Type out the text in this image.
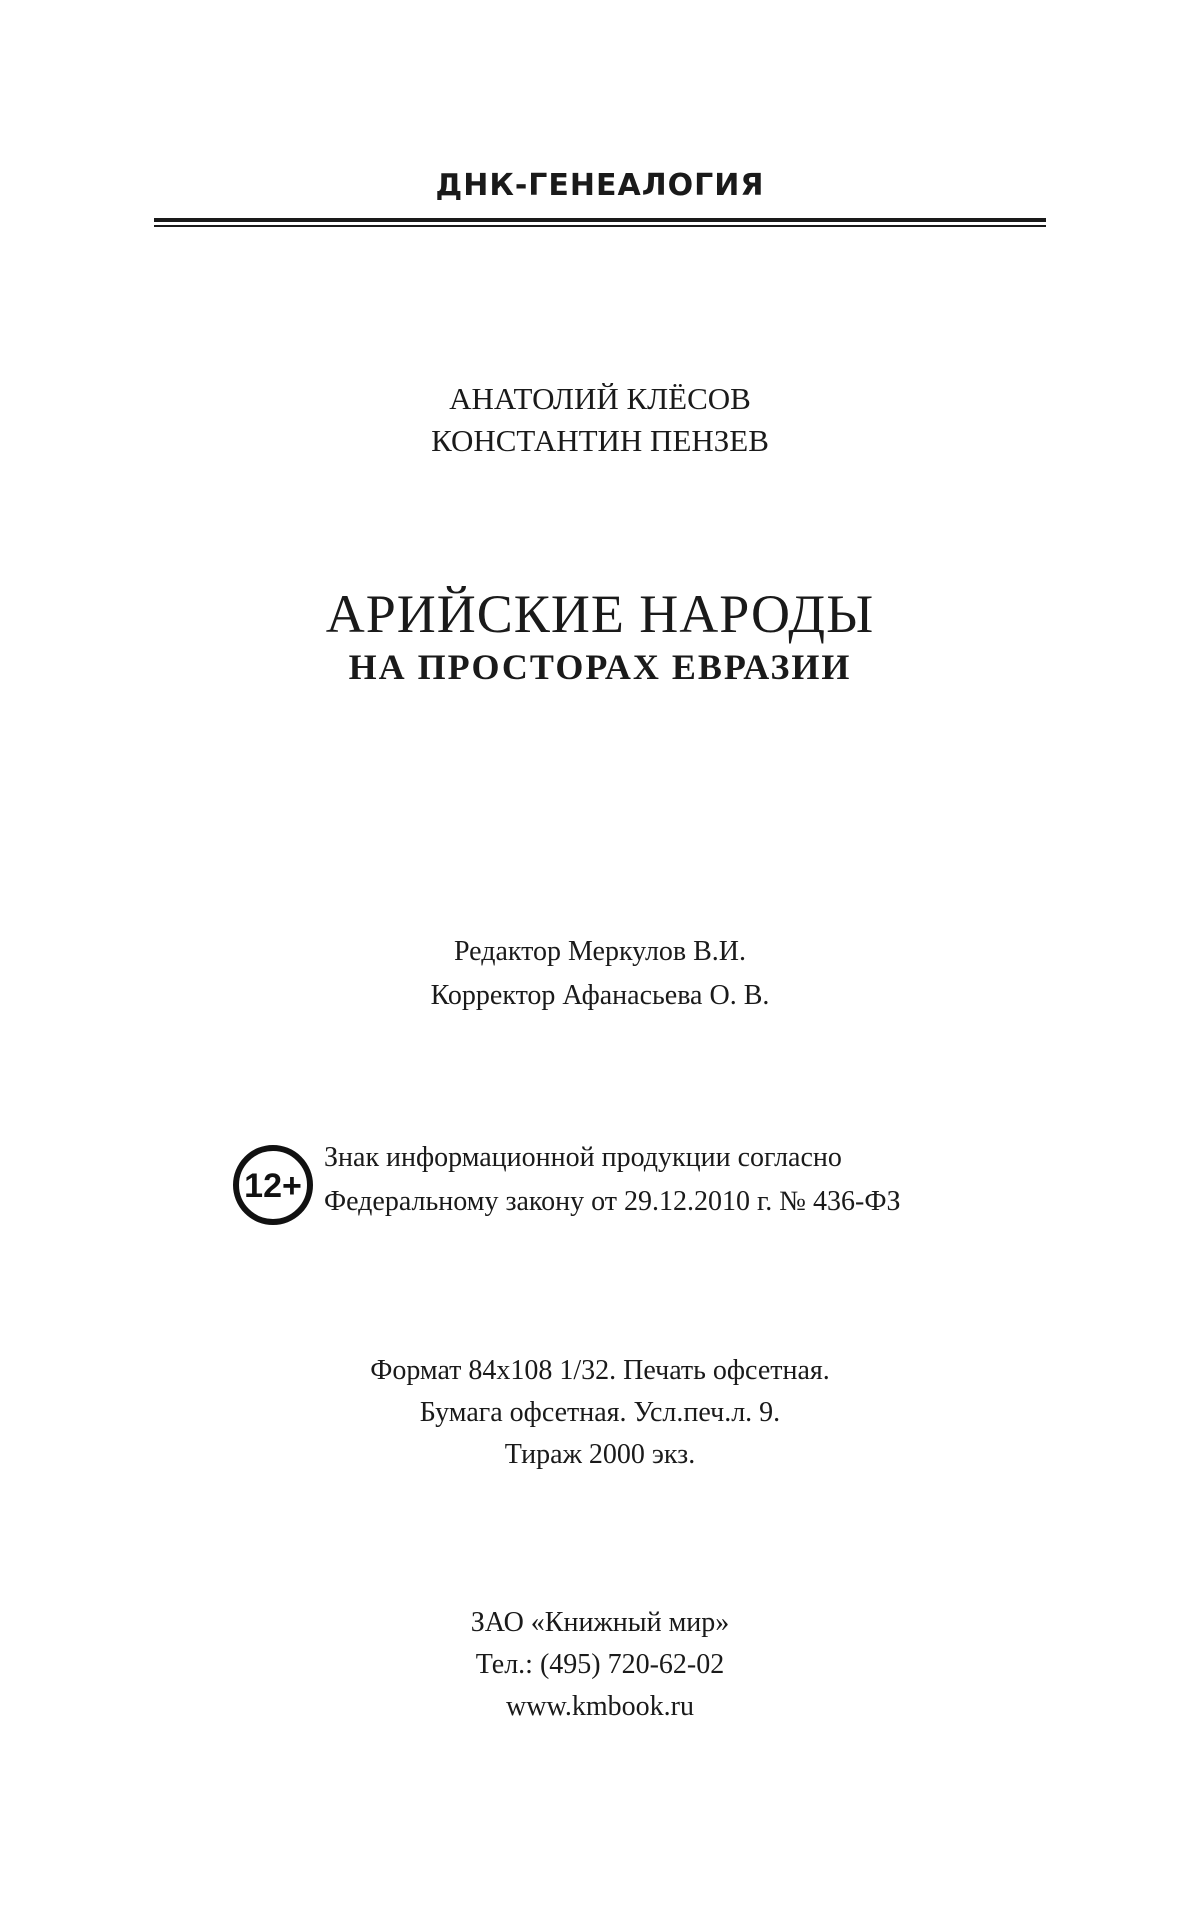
ДНК-ГЕНЕАЛОГИЯ
АНАТОЛИЙ КЛЁСОВ
КОНСТАНТИН ПЕНЗЕВ
АРИЙСКИЕ НАРОДЫ
НА ПРОСТОРАХ ЕВРАЗИИ
Редактор Меркулов В.И.
Корректор Афанасьева О. В.
12+
Знак информационной продукции согласно
Федеральному закону от 29.12.2010 г. № 436-ФЗ
Формат 84x108 1/32. Печать офсетная.
Бумага офсетная. Усл.печ.л. 9.
Тираж 2000 экз.
ЗАО «Книжный мир»
Тел.: (495) 720-62-02
www.kmbook.ru
